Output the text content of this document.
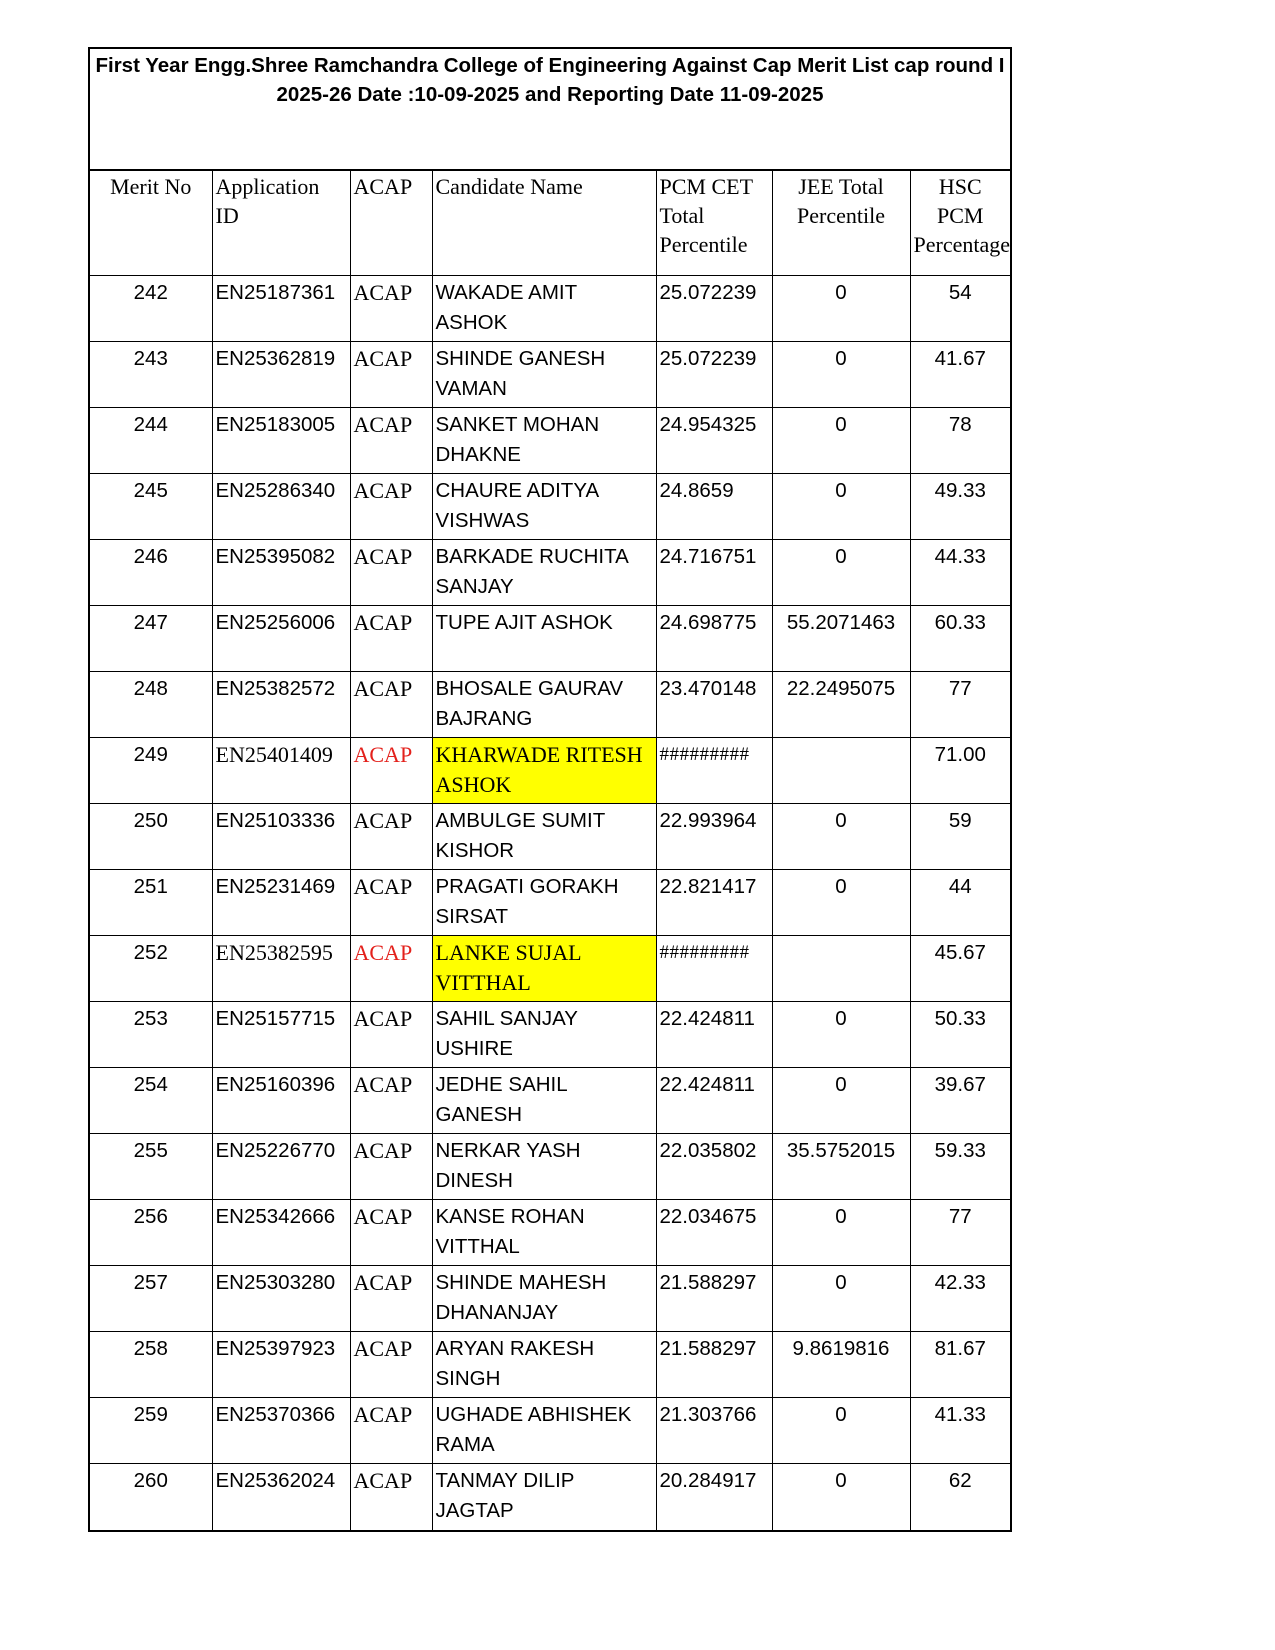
First Year Engg.Shree Ramchandra College of Engineering Against Cap Merit List cap round I
2025-26 Date :10-09-2025 and Reporting Date 11-09-2025
Merit No	Application ID	ACAP	Candidate Name	PCM CET Total Percentile	JEE Total Percentile	HSC PCM Percentage
242	EN25187361	ACAP	WAKADE AMIT ASHOK	25.072239	0	54
243	EN25362819	ACAP	SHINDE GANESH VAMAN	25.072239	0	41.67
244	EN25183005	ACAP	SANKET MOHAN DHAKNE	24.954325	0	78
245	EN25286340	ACAP	CHAURE ADITYA VISHWAS	24.8659	0	49.33
246	EN25395082	ACAP	BARKADE RUCHITA SANJAY	24.716751	0	44.33
247	EN25256006	ACAP	TUPE AJIT ASHOK	24.698775	55.2071463	60.33
248	EN25382572	ACAP	BHOSALE GAURAV BAJRANG	23.470148	22.2495075	77
249	EN25401409	ACAP	KHARWADE RITESH ASHOK	#########		71.00
250	EN25103336	ACAP	AMBULGE SUMIT KISHOR	22.993964	0	59
251	EN25231469	ACAP	PRAGATI GORAKH SIRSAT	22.821417	0	44
252	EN25382595	ACAP	LANKE SUJAL VITTHAL	#########		45.67
253	EN25157715	ACAP	SAHIL SANJAY USHIRE	22.424811	0	50.33
254	EN25160396	ACAP	JEDHE SAHIL GANESH	22.424811	0	39.67
255	EN25226770	ACAP	NERKAR YASH DINESH	22.035802	35.5752015	59.33
256	EN25342666	ACAP	KANSE ROHAN VITTHAL	22.034675	0	77
257	EN25303280	ACAP	SHINDE MAHESH DHANANJAY	21.588297	0	42.33
258	EN25397923	ACAP	ARYAN RAKESH SINGH	21.588297	9.8619816	81.67
259	EN25370366	ACAP	UGHADE ABHISHEK RAMA	21.303766	0	41.33
260	EN25362024	ACAP	TANMAY DILIP JAGTAP	20.284917	0	62
